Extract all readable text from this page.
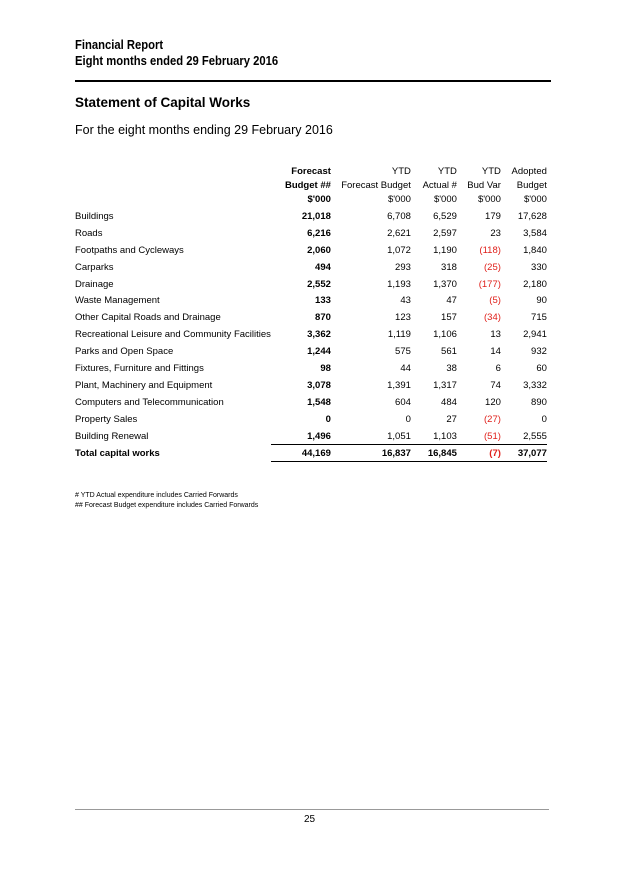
Financial Report
Eight months ended 29 February 2016
Statement of Capital Works
For the eight months ending 29 February 2016
	Forecast	YTD	YTD	YTD	Adopted
	Budget ##	Forecast Budget	Actual #	Bud Var	Budget
	$'000	$'000	$'000	$'000	$'000
Buildings	21,018	6,708	6,529	179	17,628
Roads	6,216	2,621	2,597	23	3,584
Footpaths and Cycleways	2,060	1,072	1,190	(118)	1,840
Carparks	494	293	318	(25)	330
Drainage	2,552	1,193	1,370	(177)	2,180
Waste Management	133	43	47	(5)	90
Other Capital Roads and Drainage	870	123	157	(34)	715
Recreational Leisure and Community Facilities	3,362	1,119	1,106	13	2,941
Parks and Open Space	1,244	575	561	14	932
Fixtures, Furniture and Fittings	98	44	38	6	60
Plant, Machinery and Equipment	3,078	1,391	1,317	74	3,332
Computers and Telecommunication	1,548	604	484	120	890
Property Sales	0	0	27	(27)	0
Building Renewal	1,496	1,051	1,103	(51)	2,555
Total capital works	44,169	16,837	16,845	(7)	37,077
# YTD Actual expenditure includes Carried Forwards
## Forecast Budget expenditure includes Carried Forwards
25
